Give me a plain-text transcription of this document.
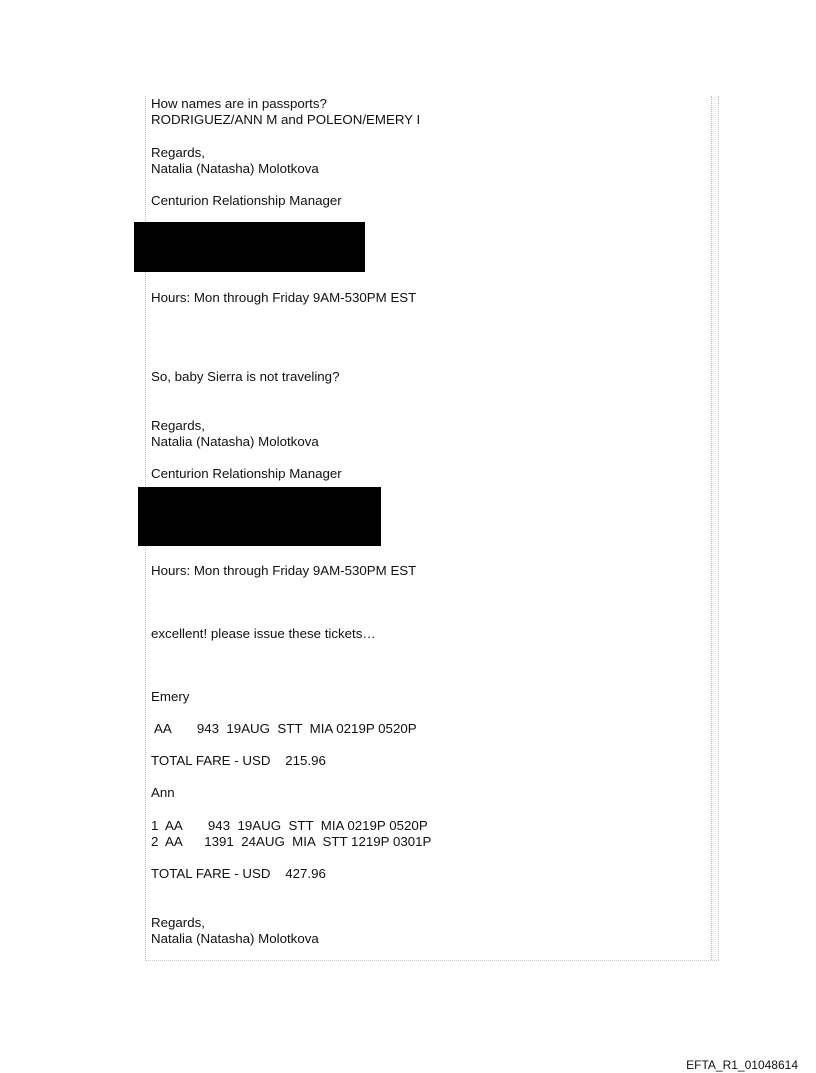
How names are in passports?
RODRIGUEZ/ANN M and POLEON/EMERY I
Regards,
Natalia (Natasha) Molotkova
Centurion Relationship Manager
Hours: Mon through Friday 9AM-530PM EST
So, baby Sierra is not traveling?
Regards,
Natalia (Natasha) Molotkova
Centurion Relationship Manager
Hours: Mon through Friday 9AM-530PM EST
excellent! please issue these tickets…
Emery
AA       943  19AUG  STT  MIA 0219P 0520P
TOTAL FARE - USD    215.96
Ann
1  AA       943  19AUG  STT  MIA 0219P 0520P
2  AA      1391  24AUG  MIA  STT 1219P 0301P
TOTAL FARE - USD    427.96
Regards,
Natalia (Natasha) Molotkova
EFTA_R1_01048614
